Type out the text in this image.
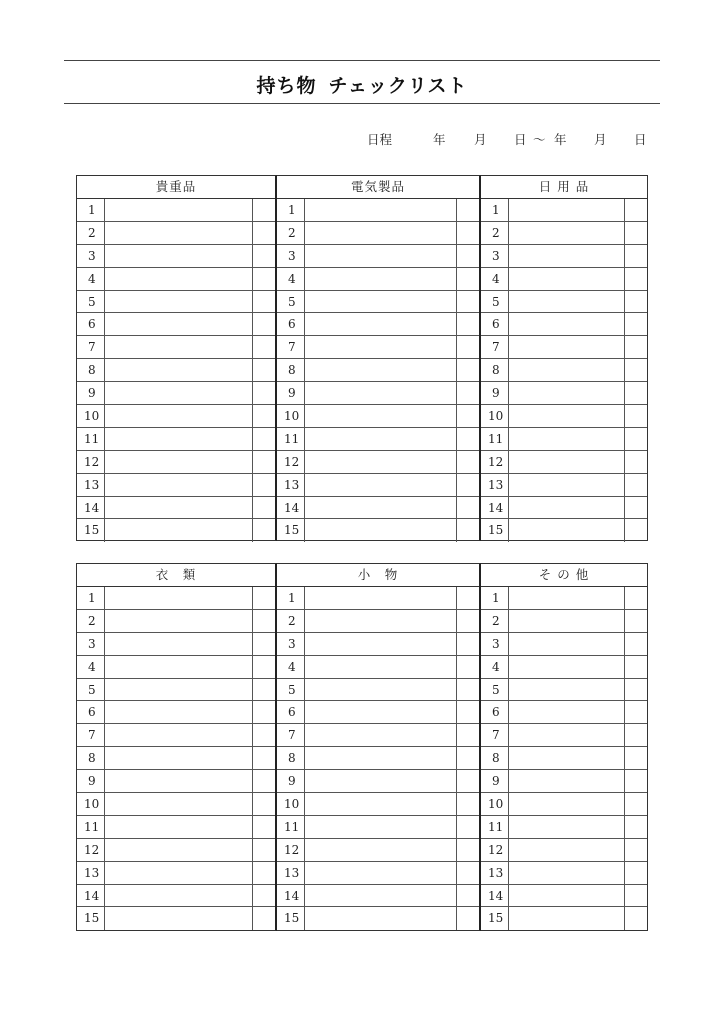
持ち物 チェックリスト
日程	年 月 日 〜 年 月 日
貴重品
1
2
3
4
5
6
7
8
9
10
11
12
13
14
15
電気製品
1
2
3
4
5
6
7
8
9
10
11
12
13
14
15
日 用 品
1
2
3
4
5
6
7
8
9
10
11
12
13
14
15
衣　類
1
2
3
4
5
6
7
8
9
10
11
12
13
14
15
小　物
1
2
3
4
5
6
7
8
9
10
11
12
13
14
15
そ の 他
1
2
3
4
5
6
7
8
9
10
11
12
13
14
15
